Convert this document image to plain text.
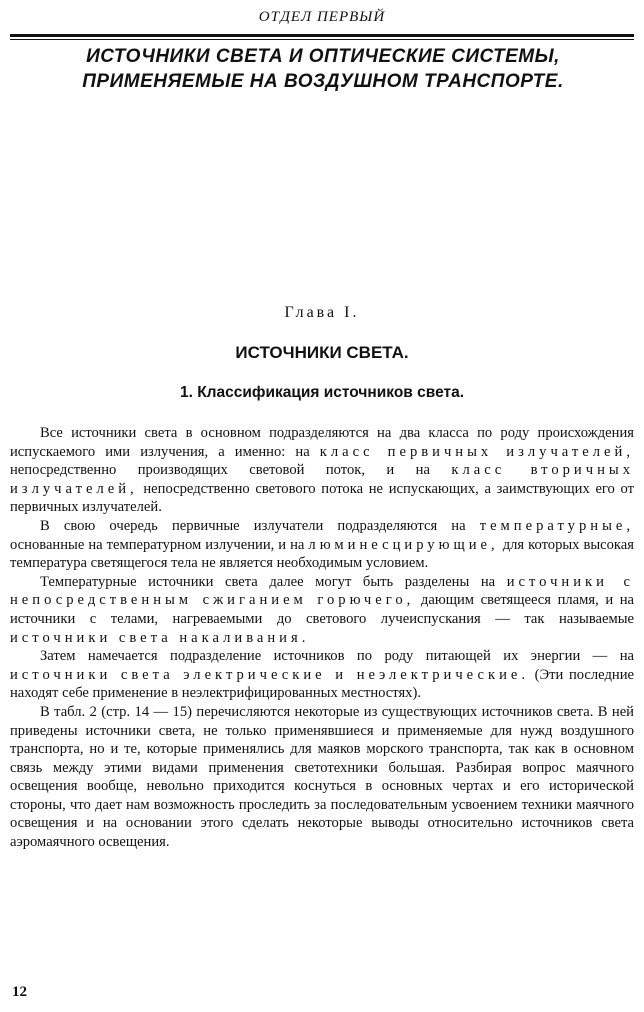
ОТДЕЛ ПЕРВЫЙ
ИСТОЧНИКИ СВЕТА И ОПТИЧЕСКИЕ СИСТЕМЫ, ПРИМЕНЯЕМЫЕ НА ВОЗДУШНОМ ТРАНСПОРТЕ.
Глава I.
ИСТОЧНИКИ СВЕТА.
1. Классификация источников света.

Все источники света в основном подразделяются на два класса по роду происхождения испускаемого ими излучения, а именно: на класс первичных излучателей, непосредственно производящих световой поток, и на класс вторичных излучателей, непосредственно светового потока не испускающих, а заимствующих его от первичных излучателей.

В свою очередь первичные излучатели подразделяются на температурные, основанные на температурном излучении, и на люминесцирующие, для которых высокая температура светящегося тела не является необходимым условием.

Температурные источники света далее могут быть разделены на источники с непосредственным сжиганием горючего, дающим светящееся пламя, и на источники с телами, нагреваемыми до светового лучеиспускания — так называемые источники света накаливания.

Затем намечается подразделение источников по роду питающей их энергии — на источники света электрические и неэлектрические. (Эти последние находят себе применение в неэлектрифицированных местностях).

В табл. 2 (стр. 14 — 15) перечисляются некоторые из существующих источников света. В ней приведены источники света, не только применявшиеся и применяемые для нужд воздушного транспорта, но и те, которые применялись для маяков морского транспорта, так как в основном связь между этими видами применения светотехники большая. Разбирая вопрос маячного освещения вообще, невольно приходится коснуться в основных чертах и его исторической стороны, что дает нам возможность проследить за последовательным усвоением техники маячного освещения и на основании этого сделать некоторые выводы относительно источников света аэромаячного освещения.

12
